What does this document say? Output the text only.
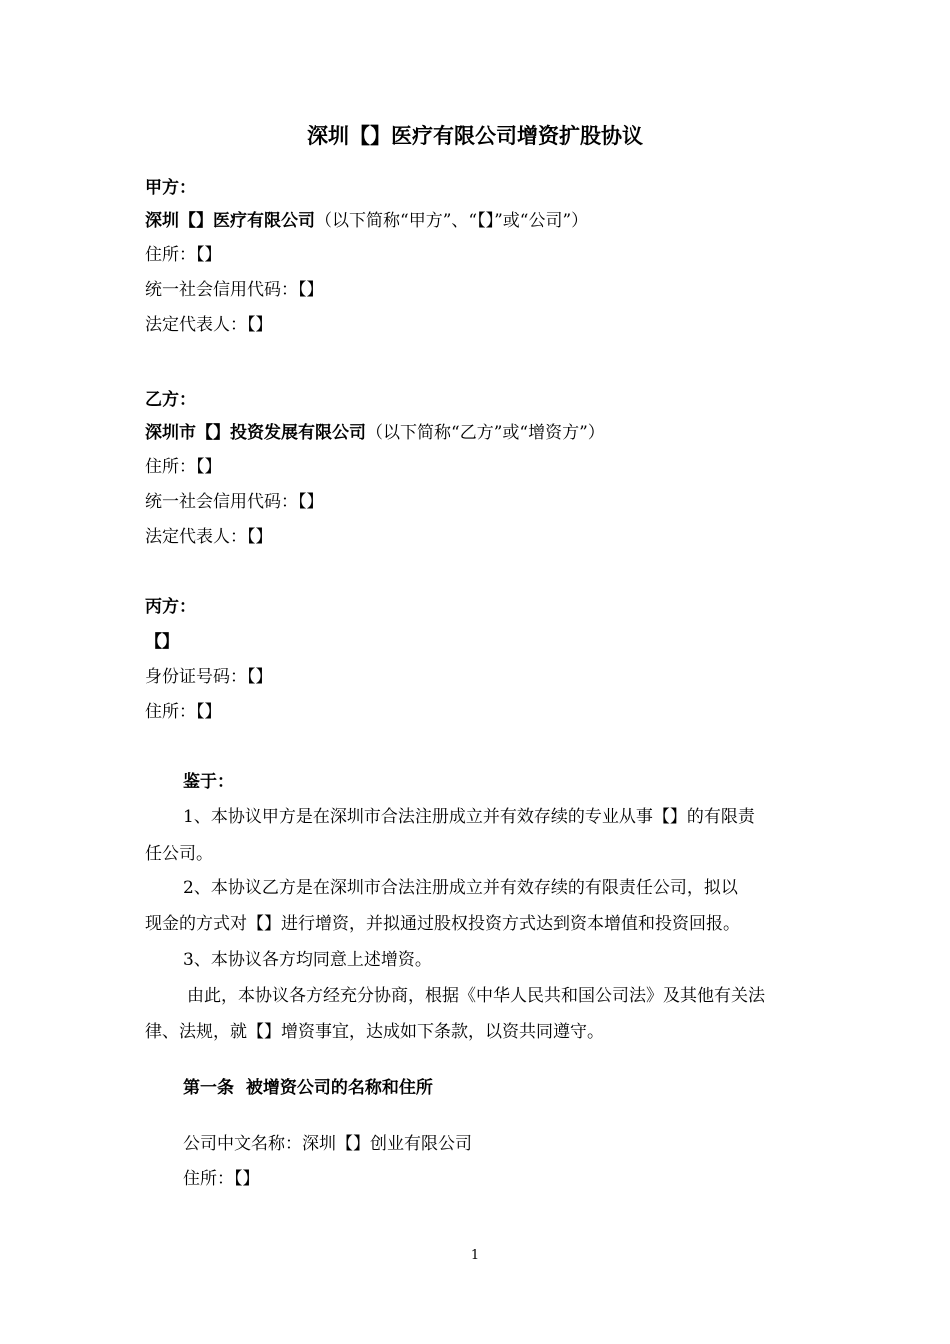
深圳【】医疗有限公司增资扩股协议
甲方：
深圳【】医疗有限公司（以下简称“甲方”、“【】”或“公司”）
住所：【】
统一社会信用代码：【】
法定代表人：【】
乙方：
深圳市【】投资发展有限公司（以下简称“乙方”或“增资方”）
住所：【】
统一社会信用代码：【】
法定代表人：【】
丙方：
【】
身份证号码：【】
住所：【】
鉴于：
1、本协议甲方是在深圳市合法注册成立并有效存续的专业从事【】的有限责
任公司。
2、本协议乙方是在深圳市合法注册成立并有效存续的有限责任公司，拟以
现金的方式对【】进行增资，并拟通过股权投资方式达到资本增值和投资回报。
3、本协议各方均同意上述增资。
由此，本协议各方经充分协商，根据《中华人民共和国公司法》及其他有关法
律、法规，就【】增资事宜，达成如下条款，以资共同遵守。
第一条  被增资公司的名称和住所
公司中文名称：深圳【】创业有限公司
住所：【】
1
